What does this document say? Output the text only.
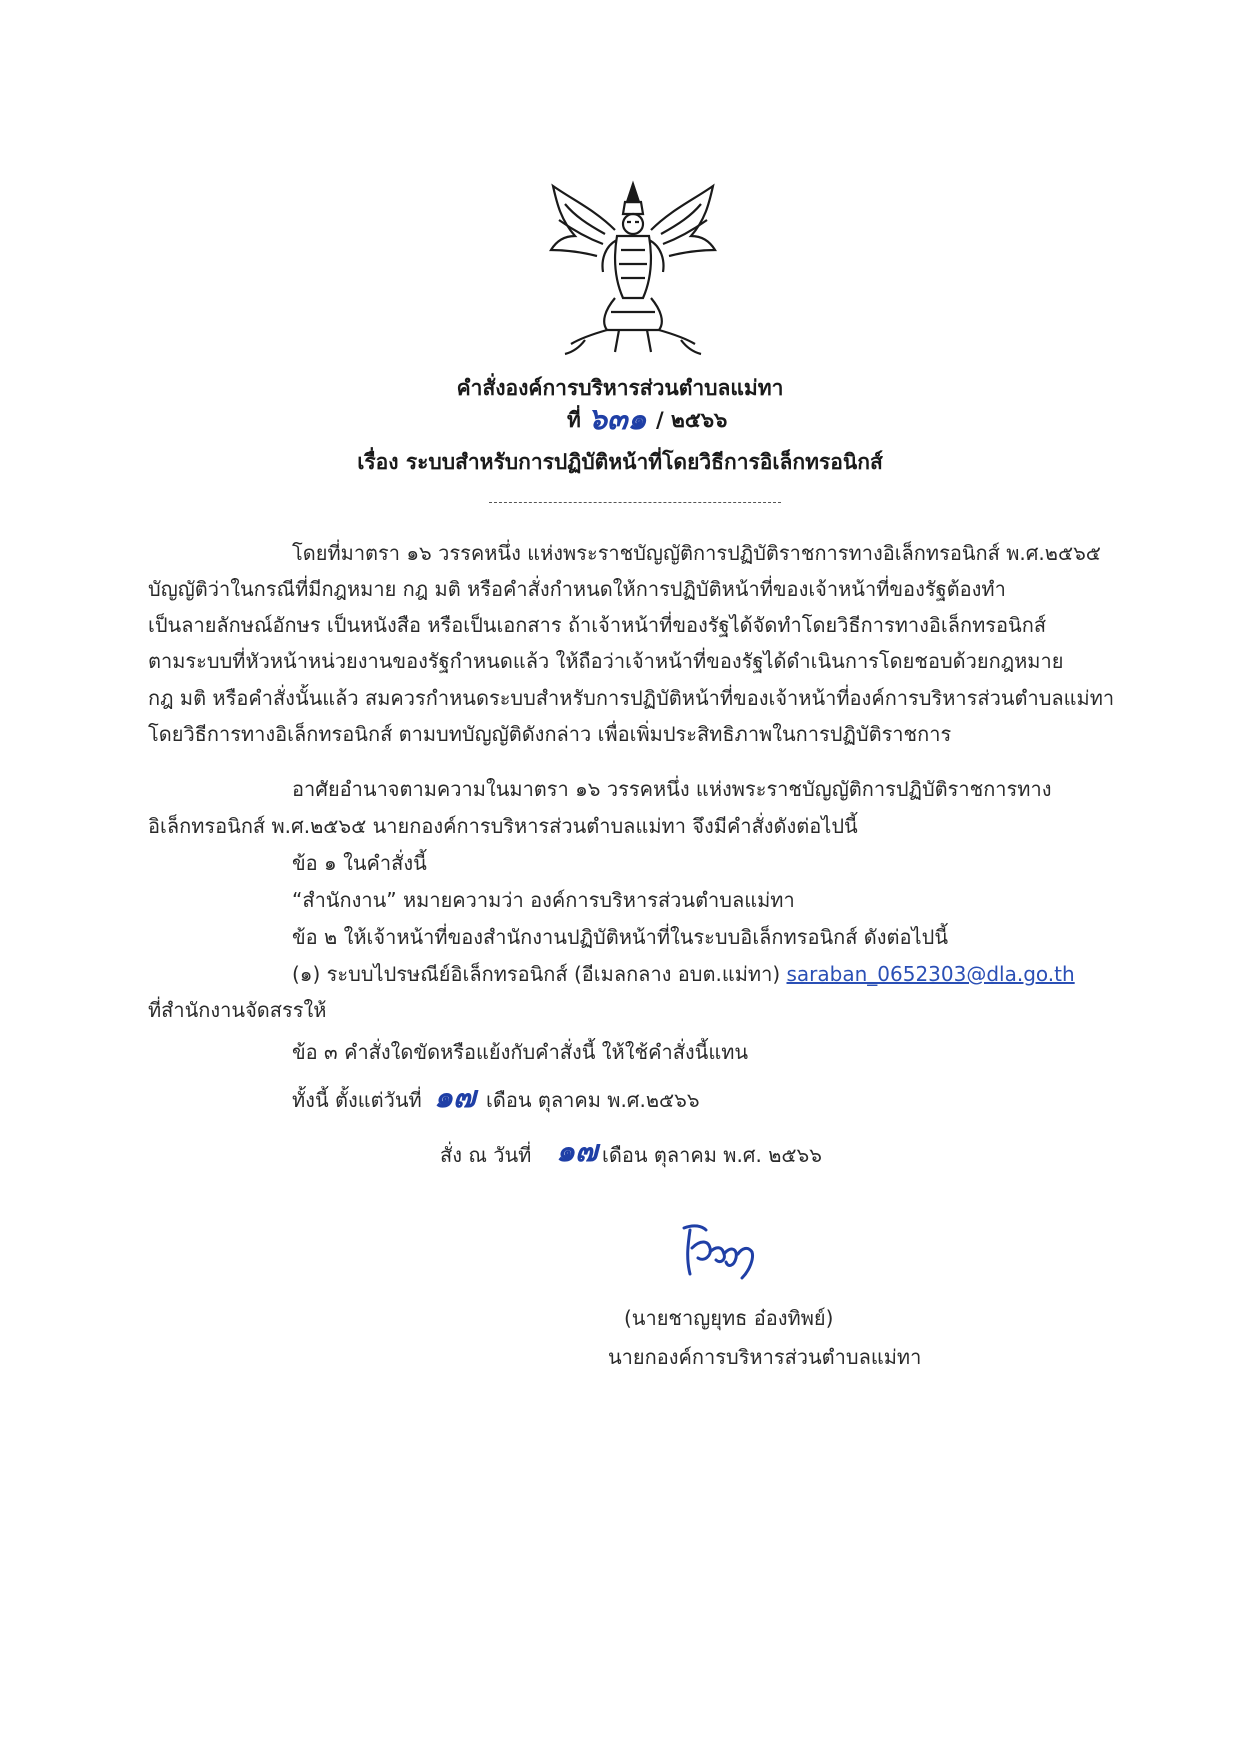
คำสั่งองค์การบริหารส่วนตำบลแม่ทา
ที่ ๖๓๑ / ๒๕๖๖
เรื่อง ระบบสำหรับการปฏิบัติหน้าที่โดยวิธีการอิเล็กทรอนิกส์
โดยที่มาตรา ๑๖ วรรคหนึ่ง แห่งพระราชบัญญัติการปฏิบัติราชการทางอิเล็กทรอนิกส์ พ.ศ.๒๕๖๕
บัญญัติว่าในกรณีที่มีกฎหมาย กฎ มติ หรือคำสั่งกำหนดให้การปฏิบัติหน้าที่ของเจ้าหน้าที่ของรัฐต้องทำ
เป็นลายลักษณ์อักษร เป็นหนังสือ หรือเป็นเอกสาร ถ้าเจ้าหน้าที่ของรัฐได้จัดทำโดยวิธีการทางอิเล็กทรอนิกส์
ตามระบบที่หัวหน้าหน่วยงานของรัฐกำหนดแล้ว ให้ถือว่าเจ้าหน้าที่ของรัฐได้ดำเนินการโดยชอบด้วยกฎหมาย
กฎ มติ หรือคำสั่งนั้นแล้ว สมควรกำหนดระบบสำหรับการปฏิบัติหน้าที่ของเจ้าหน้าที่องค์การบริหารส่วนตำบลแม่ทา
โดยวิธีการทางอิเล็กทรอนิกส์ ตามบทบัญญัติดังกล่าว เพื่อเพิ่มประสิทธิภาพในการปฏิบัติราชการ
อาศัยอำนาจตามความในมาตรา ๑๖ วรรคหนึ่ง แห่งพระราชบัญญัติการปฏิบัติราชการทาง
อิเล็กทรอนิกส์ พ.ศ.๒๕๖๕ นายกองค์การบริหารส่วนตำบลแม่ทา จึงมีคำสั่งดังต่อไปนี้
ข้อ ๑ ในคำสั่งนี้
“สำนักงาน” หมายความว่า องค์การบริหารส่วนตำบลแม่ทา
ข้อ ๒ ให้เจ้าหน้าที่ของสำนักงานปฏิบัติหน้าที่ในระบบอิเล็กทรอนิกส์ ดังต่อไปนี้
(๑) ระบบไปรษณีย์อิเล็กทรอนิกส์ (อีเมลกลาง อบต.แม่ทา) saraban_0652303@dla.go.th
ที่สำนักงานจัดสรรให้
ข้อ ๓ คำสั่งใดขัดหรือแย้งกับคำสั่งนี้ ให้ใช้คำสั่งนี้แทน
ทั้งนี้ ตั้งแต่วันที่ ๑๗ เดือน ตุลาคม พ.ศ.๒๕๖๖
สั่ง ณ วันที่ ๑๗ เดือน ตุลาคม พ.ศ. ๒๕๖๖
(นายชาญยุทธ อ๋องทิพย์)
นายกองค์การบริหารส่วนตำบลแม่ทา
